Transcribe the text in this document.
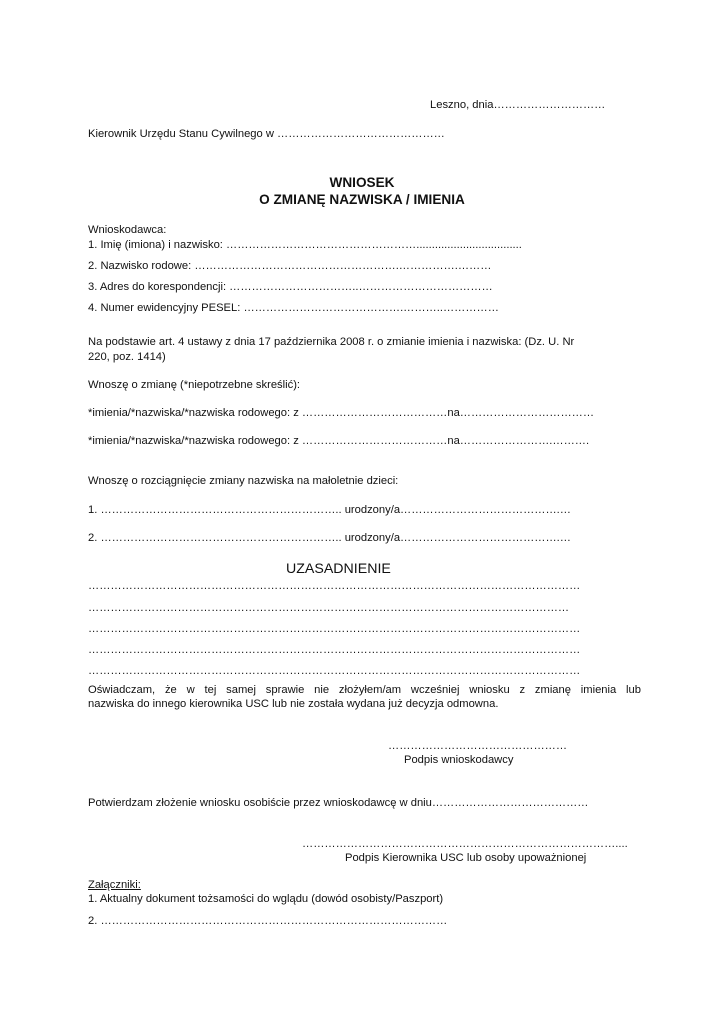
Leszno, dnia…………………………

Kierownik Urzędu Stanu Cywilnego w ………………………………………

WNIOSEK
O ZMIANĘ NAZWISKA / IMIENIA

Wnioskodawca:

1. Imię (imiona) i nazwisko: ……………………………………………..................................

2. Nazwisko rodowe: ……………………………………………….…………….………

3. Adres do korespondencji: ……………………………..………………………………

4. Numer ewidencyjny PESEL: …………………………………….………..……………

Na podstawie art. 4 ustawy z dnia 17 października 2008 r. o zmianie imienia i nazwiska: (Dz. U. Nr

220, poz. 1414)

Wnoszę o zmianę (*niepotrzebne skreślić):

*imienia/*nazwiska/*nazwiska rodowego: z …………………………………na………………………………

*imienia/*nazwiska/*nazwiska rodowego: z …………………………………na…………………….……….

Wnoszę o rozciągnięcie zmiany nazwiska na małoletnie dzieci:

1. ……………………………………………………….. urodzony/a…………………………………….…

2. ……………………………………………………….. urodzony/a…………………………………….…

UZASADNIENIE

……………………………………………………………………………………………………………………

…………………………………………………………………………………………………………………

……………………………………………………………………………………………………………………

……………………………………………………………………………………………………………………

……………………………………………………………………………………………………………………

Oświadczam, że w tej samej sprawie nie złożyłem/am wcześniej wniosku z zmianę imienia lub

nazwiska do innego kierownika USC lub nie została wydana już decyzja odmowna.

…………………………………………

Podpis wnioskodawcy

Potwierdzam złożenie wniosku osobiście przez wnioskodawcę w dniu……………………………………

…………………………………………………………………………....

Podpis Kierownika USC lub osoby upoważnionej

Załączniki:

1. Aktualny dokument tożsamości do wglądu (dowód osobisty/Paszport)

2. …………………………………………………………………………………
